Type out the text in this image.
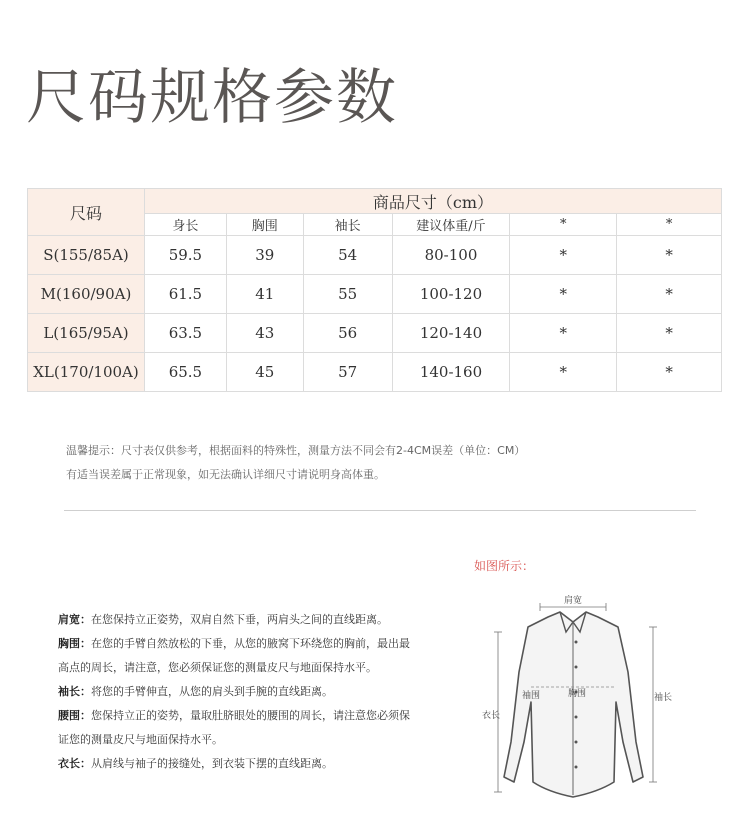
尺码规格参数
尺码	商品尺寸（cm）					
	身长	胸围	袖长	建议体重/斤	*	*
S(155/85A)	59.5	39	54	80-100	*	*
M(160/90A)	61.5	41	55	100-120	*	*
L(165/95A)	63.5	43	56	120-140	*	*
XL(170/100A)	65.5	45	57	140-160	*	*
温馨提示：尺寸表仅供参考，根据面料的特殊性，测量方法不同会有2-4CM误差（单位：CM）
有适当误差属于正常现象，如无法确认详细尺寸请说明身高体重。
如图所示：
肩宽：在您保持立正姿势，双肩自然下垂，两肩头之间的直线距离。
胸围：在您的手臂自然放松的下垂，从您的腋窝下环绕您的胸前，最出最
高点的周长，请注意，您必须保证您的测量皮尺与地面保持水平。
袖长：将您的手臂伸直，从您的肩头到手腕的直线距离。
腰围：您保持立正的姿势，量取肚脐眼处的腰围的周长，请注意您必须保
证您的测量皮尺与地面保持水平。
衣长：从肩线与袖子的接缝处，到衣装下摆的直线距离。
肩宽
胸围
袖围
衣长
袖长
